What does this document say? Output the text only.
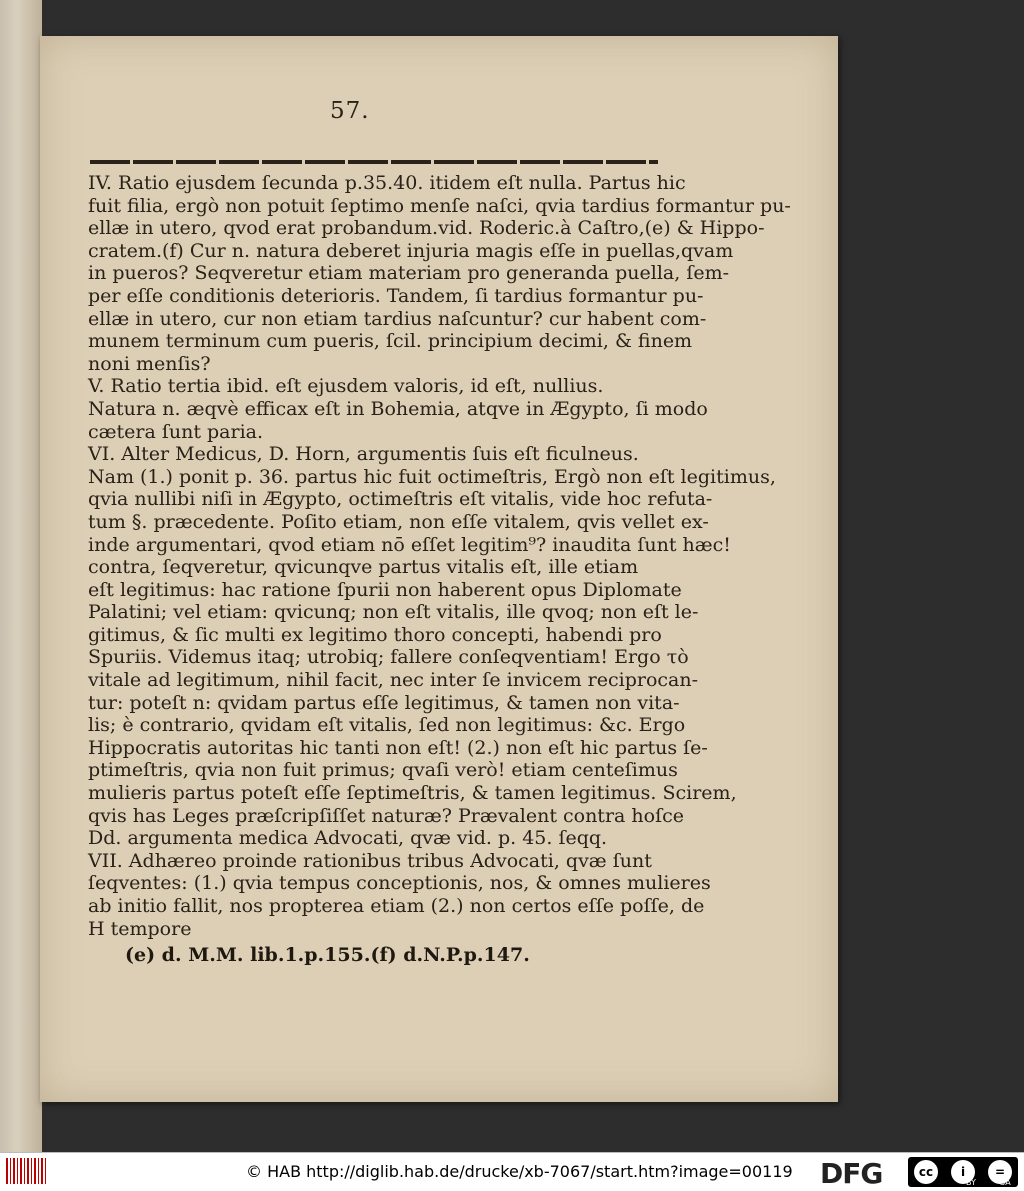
57.
IV. Ratio ejusdem ſecunda p.35.40. itidem eſt nulla. Partus hic
fuit filia, ergò non potuit ſeptimo menſe naſci, qvia tardius formantur pu-
ellæ in utero, qvod erat probandum.vid. Roderic.à Caſtro,(e) & Hippo-
cratem.(f) Cur n. natura deberet injuria magis eſſe in puellas,qvam
in pueros? Seqveretur etiam materiam pro generanda puella, ſem-
per eſſe conditionis deterioris. Tandem, ſi tardius formantur pu-
ellæ in utero, cur non etiam tardius naſcuntur? cur habent com-
munem terminum cum pueris, ſcil. principium decimi, & finem
noni menſis?
V. Ratio tertia ibid. eſt ejusdem valoris, id eſt, nullius.
Natura n. æqvè efficax eſt in Bohemia, atqve in Ægypto, ſi modo
cætera ſunt paria.
VI. Alter Medicus, D. Horn, argumentis ſuis eſt ficulneus.
Nam (1.) ponit p. 36. partus hic fuit octimeſtris, Ergò non eſt legitimus,
qvia nullibi niſi in Ægypto, octimeſtris eſt vitalis, vide hoc refuta-
tum §. præcedente. Poſito etiam, non eſſe vitalem, qvis vellet ex-
inde argumentari, qvod etiam nō eſſet legitim⁹? inaudita ſunt hæc!
contra, ſeqveretur, qvicunqve partus vitalis eſt, ille etiam
eſt legitimus: hac ratione ſpurii non haberent opus Diplomate
Palatini; vel etiam: qvicunq; non eſt vitalis, ille qvoq; non eſt le-
gitimus, & ſic multi ex legitimo thoro concepti, habendi pro
Spuriis. Videmus itaq; utrobiq; fallere conſeqventiam! Ergo τὸ
vitale ad legitimum, nihil facit, nec inter ſe invicem reciprocan-
tur: poteſt n: qvidam partus eſſe legitimus, & tamen non vita-
lis; è contrario, qvidam eſt vitalis, ſed non legitimus: &c. Ergo
Hippocratis autoritas hic tanti non eſt! (2.) non eſt hic partus ſe-
ptimeſtris, qvia non fuit primus; qvaſi verò! etiam centeſimus
mulieris partus poteſt eſſe ſeptimeſtris, & tamen legitimus. Scirem,
qvis has Leges præſcripſiſſet naturæ? Prævalent contra hoſce
Dd. argumenta medica Advocati, qvæ vid. p. 45. ſeqq.
VII. Adhæreo proinde rationibus tribus Advocati, qvæ ſunt
ſeqventes: (1.) qvia tempus conceptionis, nos, & omnes mulieres
ab initio fallit, nos propterea etiam (2.) non certos eſſe poſſe, de
H tempore
(e) d. M.M. lib.1.p.155.(f) d.N.P.p.147.
© HAB http://diglib.hab.de/drucke/xb-7067/start.htm?image=00119 DFG	cc	i	=
BY	SA
